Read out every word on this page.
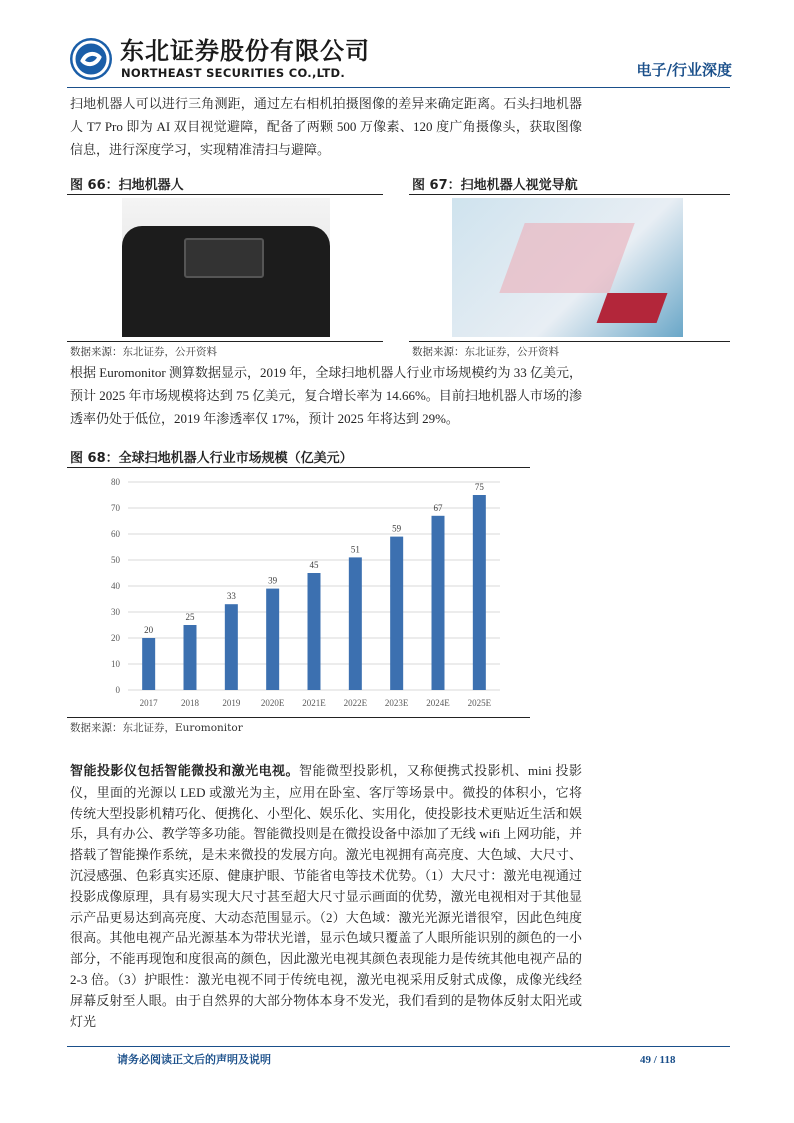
东北证券股份有限公司
NORTHEAST SECURITIES CO.,LTD.	电子/行业深度
扫地机器人可以进行三角测距，通过左右相机拍摄图像的差异来确定距离。石头扫地机器人 T7 Pro 即为 AI 双目视觉避障，配备了两颗 500 万像素、120 度广角摄像头，获取图像信息，进行深度学习，实现精准清扫与避障。
图 66：扫地机器人
数据来源：东北证券，公开资料
图 67：扫地机器人视觉导航
数据来源：东北证券，公开资料
根据 Euromonitor 测算数据显示，2019 年，全球扫地机器人行业市场规模约为 33 亿美元，预计 2025 年市场规模将达到 75 亿美元，复合增长率为 14.66%。目前扫地机器人市场的渗透率仍处于低位，2019 年渗透率仅 17%，预计 2025 年将达到 29%。
图 68：全球扫地机器人行业市场规模（亿美元）
0
10
20
30
40
50
60
70
80
20
2017
25
2018
33
2019
39
2020E
45
2021E
51
2022E
59
2023E
67
2024E
75
2025E
数据来源：东北证券，Euromonitor
智能投影仪包括智能微投和激光电视。智能微型投影机，又称便携式投影机、mini 投影仪，里面的光源以 LED 或激光为主，应用在卧室、客厅等场景中。微投的体积小，它将传统大型投影机精巧化、便携化、小型化、娱乐化、实用化，使投影技术更贴近生活和娱乐，具有办公、教学等多功能。智能微投则是在微投设备中添加了无线 wifi 上网功能，并搭载了智能操作系统，是未来微投的发展方向。激光电视拥有高亮度、大色域、大尺寸、沉浸感强、色彩真实还原、健康护眼、节能省电等技术优势。（1）大尺寸：激光电视通过投影成像原理，具有易实现大尺寸甚至超大尺寸显示画面的优势，激光电视相对于其他显示产品更易达到高亮度、大动态范围显示。（2）大色域：激光光源光谱很窄，因此色纯度很高。其他电视产品光源基本为带状光谱，显示色域只覆盖了人眼所能识别的颜色的一小部分，不能再现饱和度很高的颜色，因此激光电视其颜色表现能力是传统其他电视产品的 2-3 倍。（3）护眼性：激光电视不同于传统电视，激光电视采用反射式成像，成像光线经屏幕反射至人眼。由于自然界的大部分物体本身不发光，我们看到的是物体反射太阳光或灯光
请务必阅读正文后的声明及说明	49 / 118
